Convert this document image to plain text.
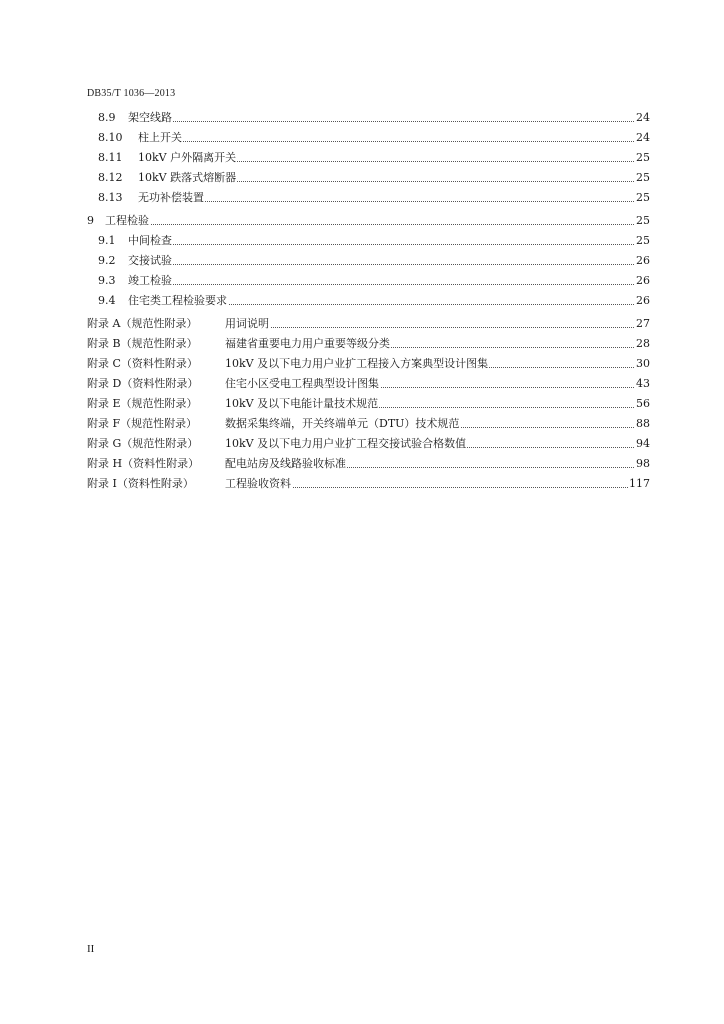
DB35/T 1036—2013
8.9 架空线路	24
8.10 柱上开关	24
8.11 10kV 户外隔离开关	25
8.12 10kV 跌落式熔断器	25
8.13 无功补偿装置	25
9 工程检验	25
9.1 中间检查	25
9.2 交接试验	26
9.3 竣工检验	26
9.4 住宅类工程检验要求	26
附录 A（规范性附录）	用词说明	27
附录 B（规范性附录） 福建省重要电力用户重要等级分类	28
附录 C（资料性附录） 10kV 及以下电力用户业扩工程接入方案典型设计图集	30
附录 D（资料性附录） 住宅小区受电工程典型设计图集	43
附录 E（规范性附录） 10kV 及以下电能计量技术规范	56
附录 F（规范性附录）	数据采集终端，开关终端单元（DTU）技术规范	88
附录 G（规范性附录） 10kV 及以下电力用户业扩工程交接试验合格数值	94
附录 H（资料性附录） 配电站房及线路验收标准	98
附录 I（资料性附录）	工程验收资料	117
II
